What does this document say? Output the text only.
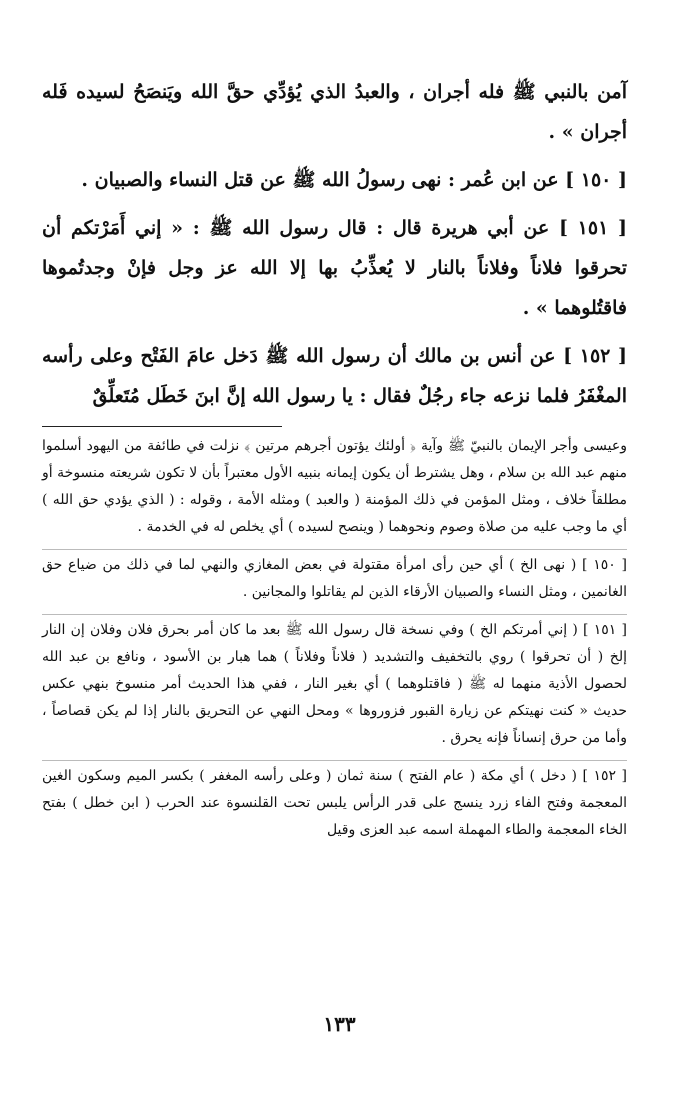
آمن بالنبي ﷺ فله أجران ، والعبدُ الذي يُؤدِّي حقَّ الله ويَنصَحُ لسيده فَله أجران » .

[ ١٥٠ ] عن ابن عُمر : نهى رسولُ الله ﷺ عن قتل النساء والصبيان .

[ ١٥١ ] عن أبي هريرة قال : قال رسول الله ﷺ : « إني أَمَرْتكم أن تحرقوا فلاناً وفلاناً بالنار لا يُعذِّبُ بها إلا الله عز وجل فإنْ وجدتُموها فاقتُلوهما » .

[ ١٥٢ ] عن أنس بن مالك أن رسول الله ﷺ دَخل عامَ الفَتْح وعلى رأسه المغْفَرُ فلما نزعه جاء رجُلٌ فقال : يا رسول الله إنَّ ابنَ خَطَل مُتَعلِّقٌ

وعيسى وأجر الإيمان بالنبيّ ﷺ وآية ﴿ أولئك يؤتون أجرهم مرتين ﴾ نزلت في طائفة من اليهود أسلموا منهم عبد الله بن سلام ، وهل يشترط أن يكون إيمانه بنبيه الأول معتبراً بأن لا تكون شريعته منسوخة أو مطلقاً خلاف ، ومثل المؤمن في ذلك المؤمنة ( والعبد ) ومثله الأمة ، وقوله : ( الذي يؤدي حق الله ) أي ما وجب عليه من صلاة وصوم ونحوهما ( وينصح لسيده ) أي يخلص له في الخدمة .

[ ١٥٠ ] ( نهى الخ ) أي حين رأى امرأة مقتولة في بعض المغازي والنهي لما في ذلك من ضياع حق الغانمين ، ومثل النساء والصبيان الأرقاء الذين لم يقاتلوا والمجانين .

[ ١٥١ ] ( إني أمرتكم الخ ) وفي نسخة قال رسول الله ﷺ بعد ما كان أمر بحرق فلان وفلان إن النار إلخ ( أن تحرقوا ) روي بالتخفيف والتشديد ( فلاناً وفلاناً ) هما هبار بن الأسود ، ونافع بن عبد الله لحصول الأذية منهما له ﷺ ( فاقتلوهما ) أي بغير النار ، ففي هذا الحديث أمر منسوخ بنهي عكس حديث « كنت نهيتكم عن زيارة القبور فزوروها » ومحل النهي عن التحريق بالنار إذا لم يكن قصاصاً ، وأما من حرق إنساناً فإنه يحرق .

[ ١٥٢ ] ( دخل ) أي مكة ( عام الفتح ) سنة ثمان ( وعلى رأسه المغفر ) بكسر الميم وسكون الغين المعجمة وفتح الفاء زرد ينسج على قدر الرأس يلبس تحت القلنسوة عند الحرب ( ابن خطل ) بفتح الخاء المعجمة والطاء المهملة اسمه عبد العزى وقيل

١٣٣
